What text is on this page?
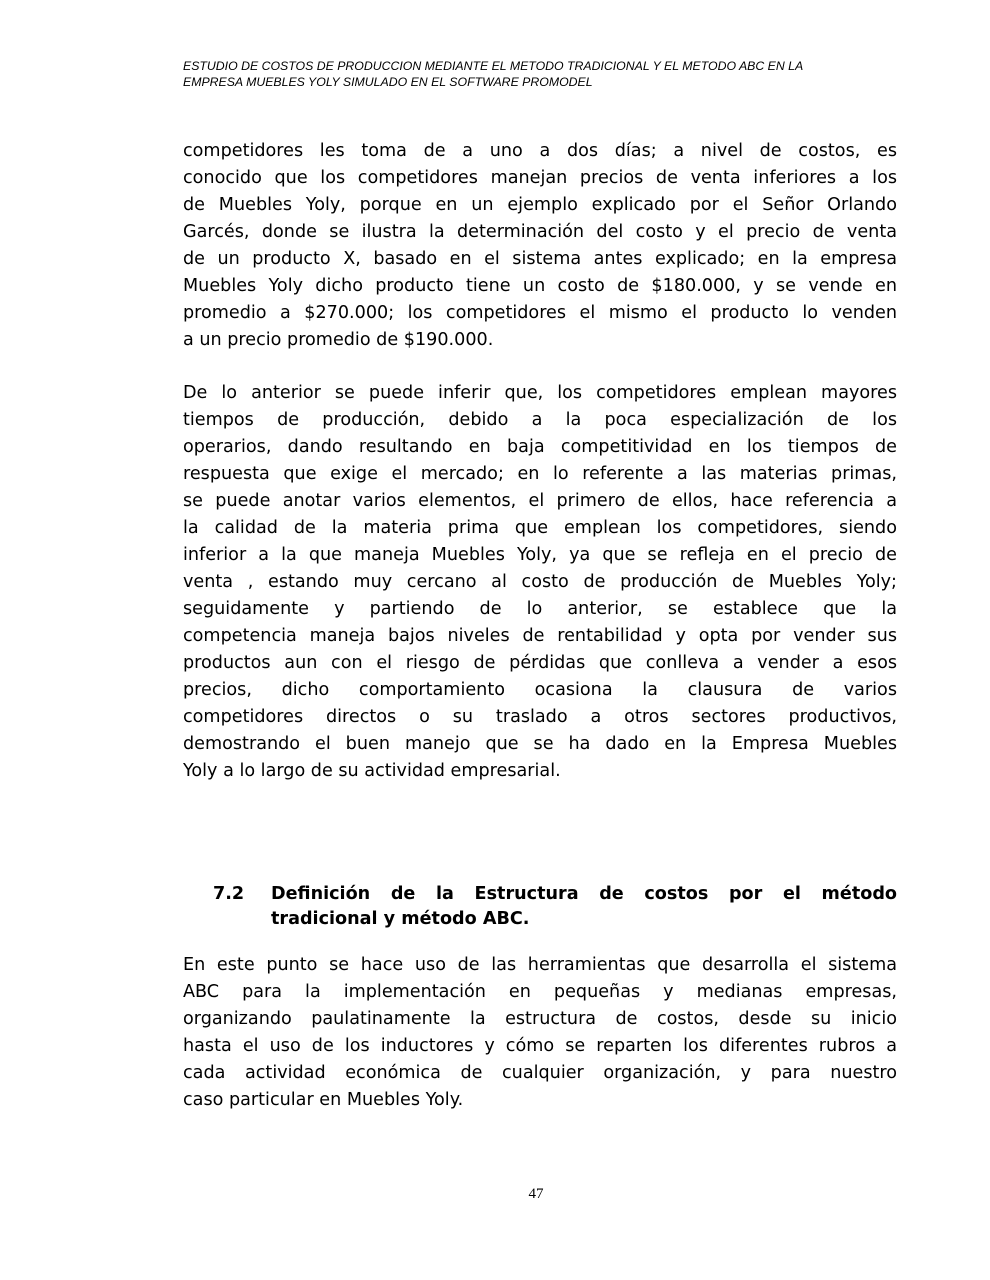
ESTUDIO DE COSTOS DE PRODUCCION MEDIANTE EL METODO TRADICIONAL Y EL METODO ABC EN LA
EMPRESA MUEBLES YOLY SIMULADO EN EL SOFTWARE PROMODEL
competidores les toma de a uno a dos días; a nivel de costos, es
conocido que los competidores manejan precios de venta inferiores a los
de Muebles Yoly, porque en un ejemplo explicado por el Señor Orlando
Garcés, donde se ilustra la determinación del costo y el precio de venta
de un producto X, basado en el sistema antes explicado; en la empresa
Muebles Yoly dicho producto tiene un costo de $180.000, y se vende en
promedio a $270.000; los competidores el mismo el producto lo venden
a un precio promedio de $190.000.
De lo anterior se puede inferir que, los competidores emplean mayores
tiempos de producción, debido a la poca especialización de los
operarios, dando resultando en baja competitividad en los tiempos de
respuesta que exige el mercado; en lo referente a las materias primas,
se puede anotar varios elementos, el primero de ellos, hace referencia a
la calidad de la materia prima que emplean los competidores, siendo
inferior a la que maneja Muebles Yoly, ya que se refleja en el precio de
venta , estando muy cercano al costo de producción de Muebles Yoly;
seguidamente y partiendo de lo anterior, se establece que la
competencia maneja bajos niveles de rentabilidad y opta por vender sus
productos aun con el riesgo de pérdidas que conlleva a vender a esos
precios, dicho comportamiento ocasiona la clausura de varios
competidores directos o su traslado a otros sectores productivos,
demostrando el buen manejo que se ha dado en la Empresa Muebles
Yoly a lo largo de su actividad empresarial.
7.2 Definición de la Estructura de costos por el método
tradicional y método ABC.
En este punto se hace uso de las herramientas que desarrolla el sistema
ABC para la implementación en pequeñas y medianas empresas,
organizando paulatinamente la estructura de costos, desde su inicio
hasta el uso de los inductores y cómo se reparten los diferentes rubros a
cada actividad económica de cualquier organización, y para nuestro
caso particular en Muebles Yoly.
47
